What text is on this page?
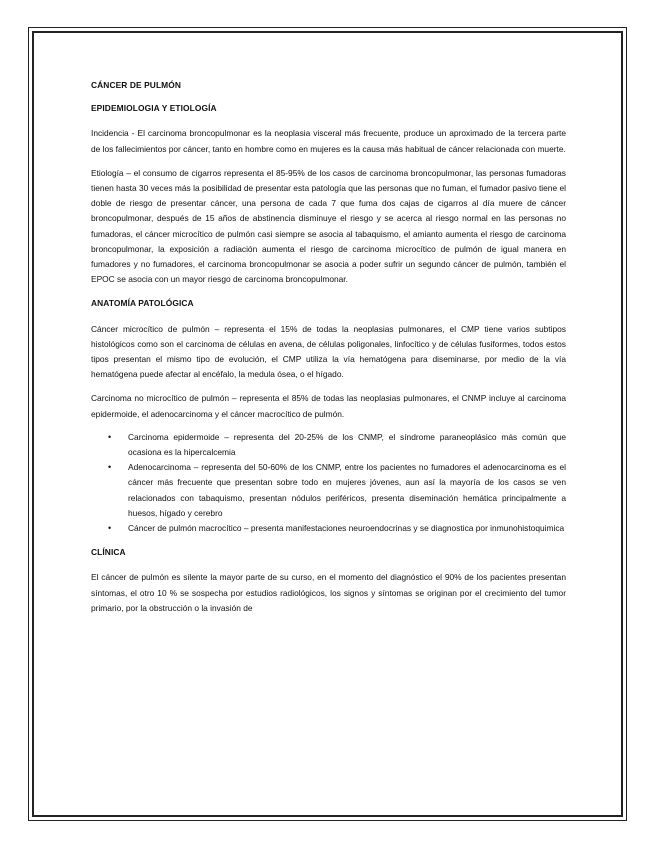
CÁNCER DE PULMÓN
EPIDEMIOLOGIA Y ETIOLOGÍA

Incidencia - El carcinoma broncopulmonar es la neoplasia visceral más frecuente, produce un aproximado de la tercera parte de los fallecimientos por cáncer, tanto en hombre como en mujeres es la causa más habitual de cáncer relacionada con muerte.

Etiología – el consumo de cigarros representa el 85-95% de los casos de carcinoma broncopulmonar, las personas fumadoras tienen hasta 30 veces más la posibilidad de presentar esta patología que las personas que no fuman, el fumador pasivo tiene el doble de riesgo de presentar cáncer, una persona de cada 7 que fuma dos cajas de cigarros al día muere de cáncer broncopulmonar, después de 15 años de abstinencia disminuye el riesgo y se acerca al riesgo normal en las personas no fumadoras, el cáncer microcítico de pulmón casi siempre se asocia al tabaquismo, el amianto aumenta el riesgo de carcinoma broncopulmonar, la exposición a radiación aumenta el riesgo de carcinoma microcítico de pulmón de igual manera en fumadores y no fumadores, el carcinoma broncopulmonar se asocia a poder sufrir un segundo cáncer de pulmón, también el EPOC se asocia con un mayor riesgo de carcinoma broncopulmonar.

ANATOMÍA PATOLÓGICA

Cáncer microcítico de pulmón – representa el 15% de todas la neoplasias pulmonares, el CMP tiene varios subtipos histológicos como son el carcinoma de células en avena, de células poligonales, linfocítico y de células fusiformes, todos estos tipos presentan el mismo tipo de evolución, el CMP utiliza la vía hematógena para diseminarse, por medio de la vía hematógena puede afectar al encéfalo, la medula ósea, o el hígado.

Carcinoma no microcítico de pulmón – representa el 85% de todas las neoplasias pulmonares, el CNMP incluye al carcinoma epidermoide, el adenocarcinoma y el cáncer macrocítico de pulmón.

• Carcinoma epidermoide – representa del 20-25% de los CNMP, el síndrome paraneoplásico más común que ocasiona es la hipercalcemia
• Adenocarcinoma – representa del 50-60% de los CNMP, entre los pacientes no fumadores el adenocarcinoma es el cáncer más frecuente que presentan sobre todo en mujeres jóvenes, aun así la mayoría de los casos se ven relacionados con tabaquismo, presentan nódulos periféricos, presenta diseminación hemática principalmente a huesos, hígado y cerebro
• Cáncer de pulmón macrocítico – presenta manifestaciones neuroendocrinas y se diagnostica por inmunohistoquimica
CLÍNICA

El cáncer de pulmón es silente la mayor parte de su curso, en el momento del diagnóstico el 90% de los pacientes presentan síntomas, el otro 10 % se sospecha por estudios radiológicos, los signos y síntomas se originan por el crecimiento del tumor primario, por la obstrucción o la invasión de
